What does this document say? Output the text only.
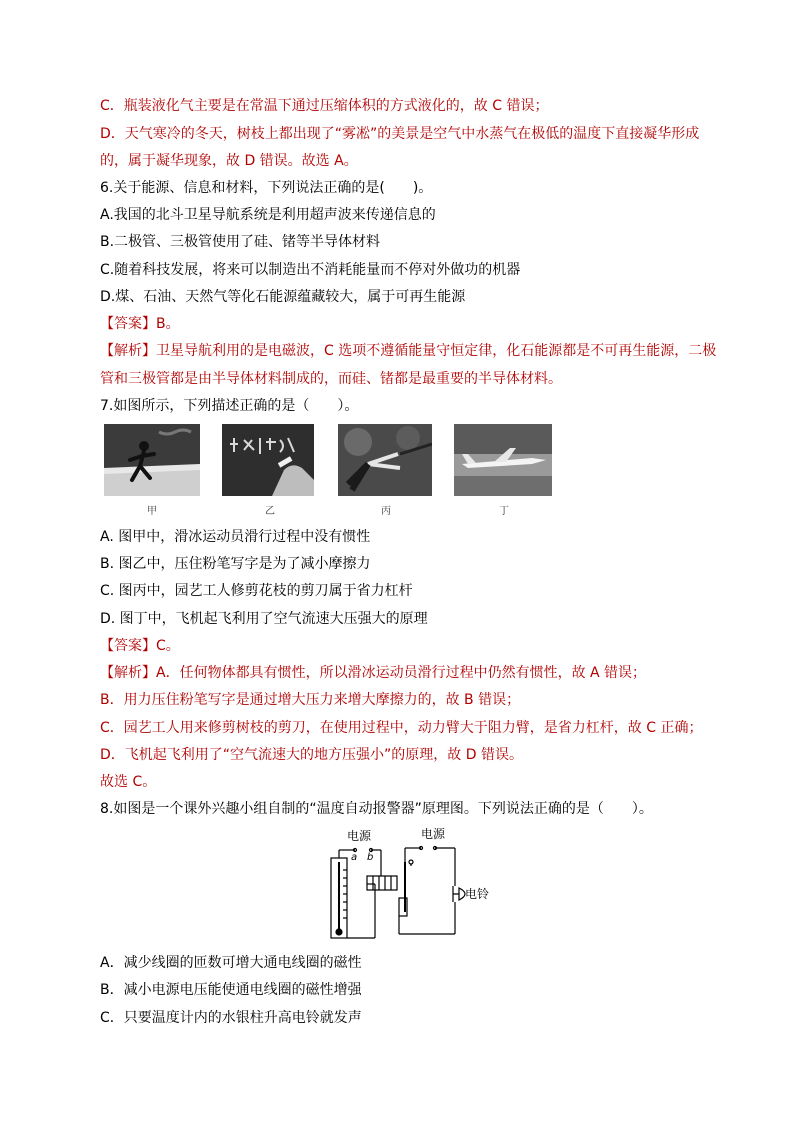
C．瓶装液化气主要是在常温下通过压缩体积的方式液化的，故 C 错误；
D．天气寒冷的冬天，树枝上都出现了“雾凇”的美景是空气中水蒸气在极低的温度下直接凝华形成
的，属于凝华现象，故 D 错误。故选 A。
6.关于能源、信息和材料，下列说法正确的是(　　)。
A.我国的北斗卫星导航系统是利用超声波来传递信息的
B.二极管、三极管使用了硅、锗等半导体材料
C.随着科技发展，将来可以制造出不消耗能量而不停对外做功的机器
D.煤、石油、天然气等化石能源蕴藏较大，属于可再生能源
【答案】B。
【解析】卫星导航利用的是电磁波，C 选项不遵循能量守恒定律，化石能源都是不可再生能源，二极
管和三极管都是由半导体材料制成的，而硅、锗都是最重要的半导体材料。
7.如图所示，下列描述正确的是（　　）。
甲	乙	丙	丁
A. 图甲中，滑冰运动员滑行过程中没有惯性
B. 图乙中，压住粉笔写字是为了减小摩擦力
C. 图丙中，园艺工人修剪花枝的剪刀属于省力杠杆
D. 图丁中，飞机起飞利用了空气流速大压强大的原理
【答案】C。
【解析】A．任何物体都具有惯性，所以滑冰运动员滑行过程中仍然有惯性，故 A 错误；
B．用力压住粉笔写字是通过增大压力来增大摩擦力的，故 B 错误；
C．园艺工人用来修剪树枝的剪刀，在使用过程中，动力臂大于阻力臂，是省力杠杆，故 C 正确；
D．飞机起飞利用了“空气流速大的地方压强小”的原理，故 D 错误。
故选 C。
8.如图是一个课外兴趣小组自制的“温度自动报警器”原理图。下列说法正确的是（　　）。
电源	电源
a b
电铃
A．减少线圈的匝数可增大通电线圈的磁性
B．减小电源电压能使通电线圈的磁性增强
C．只要温度计内的水银柱升高电铃就发声
